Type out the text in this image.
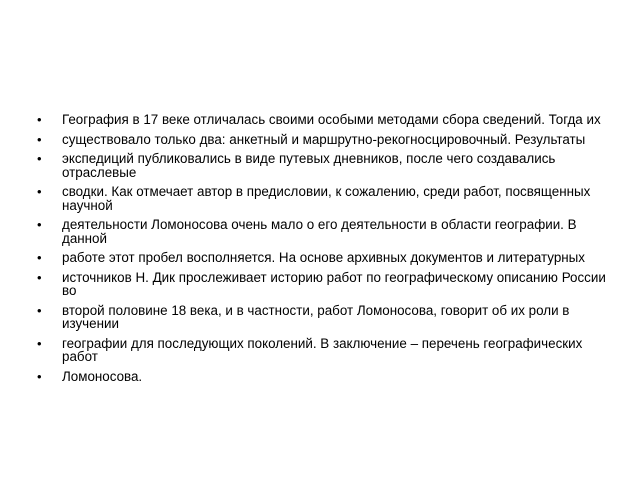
• География в 17 веке отличалась своими особыми методами сбора сведений. Тогда их
• существовало только два: анкетный и маршрутно-рекогносцировочный. Результаты
• экспедиций публиковались в виде путевых дневников, после чего создавались отраслевые
• сводки. Как отмечает автор в предисловии, к сожалению, среди работ, посвященных научной
• деятельности Ломоносова очень мало о его деятельности в области географии. В данной
• работе этот пробел восполняется. На основе архивных документов и литературных
• источников Н. Дик прослеживает историю работ по географическому описанию России во
• второй половине 18 века, и в частности, работ Ломоносова, говорит об их роли в изучении
• географии для последующих поколений. В заключение – перечень географических работ
• Ломоносова.
